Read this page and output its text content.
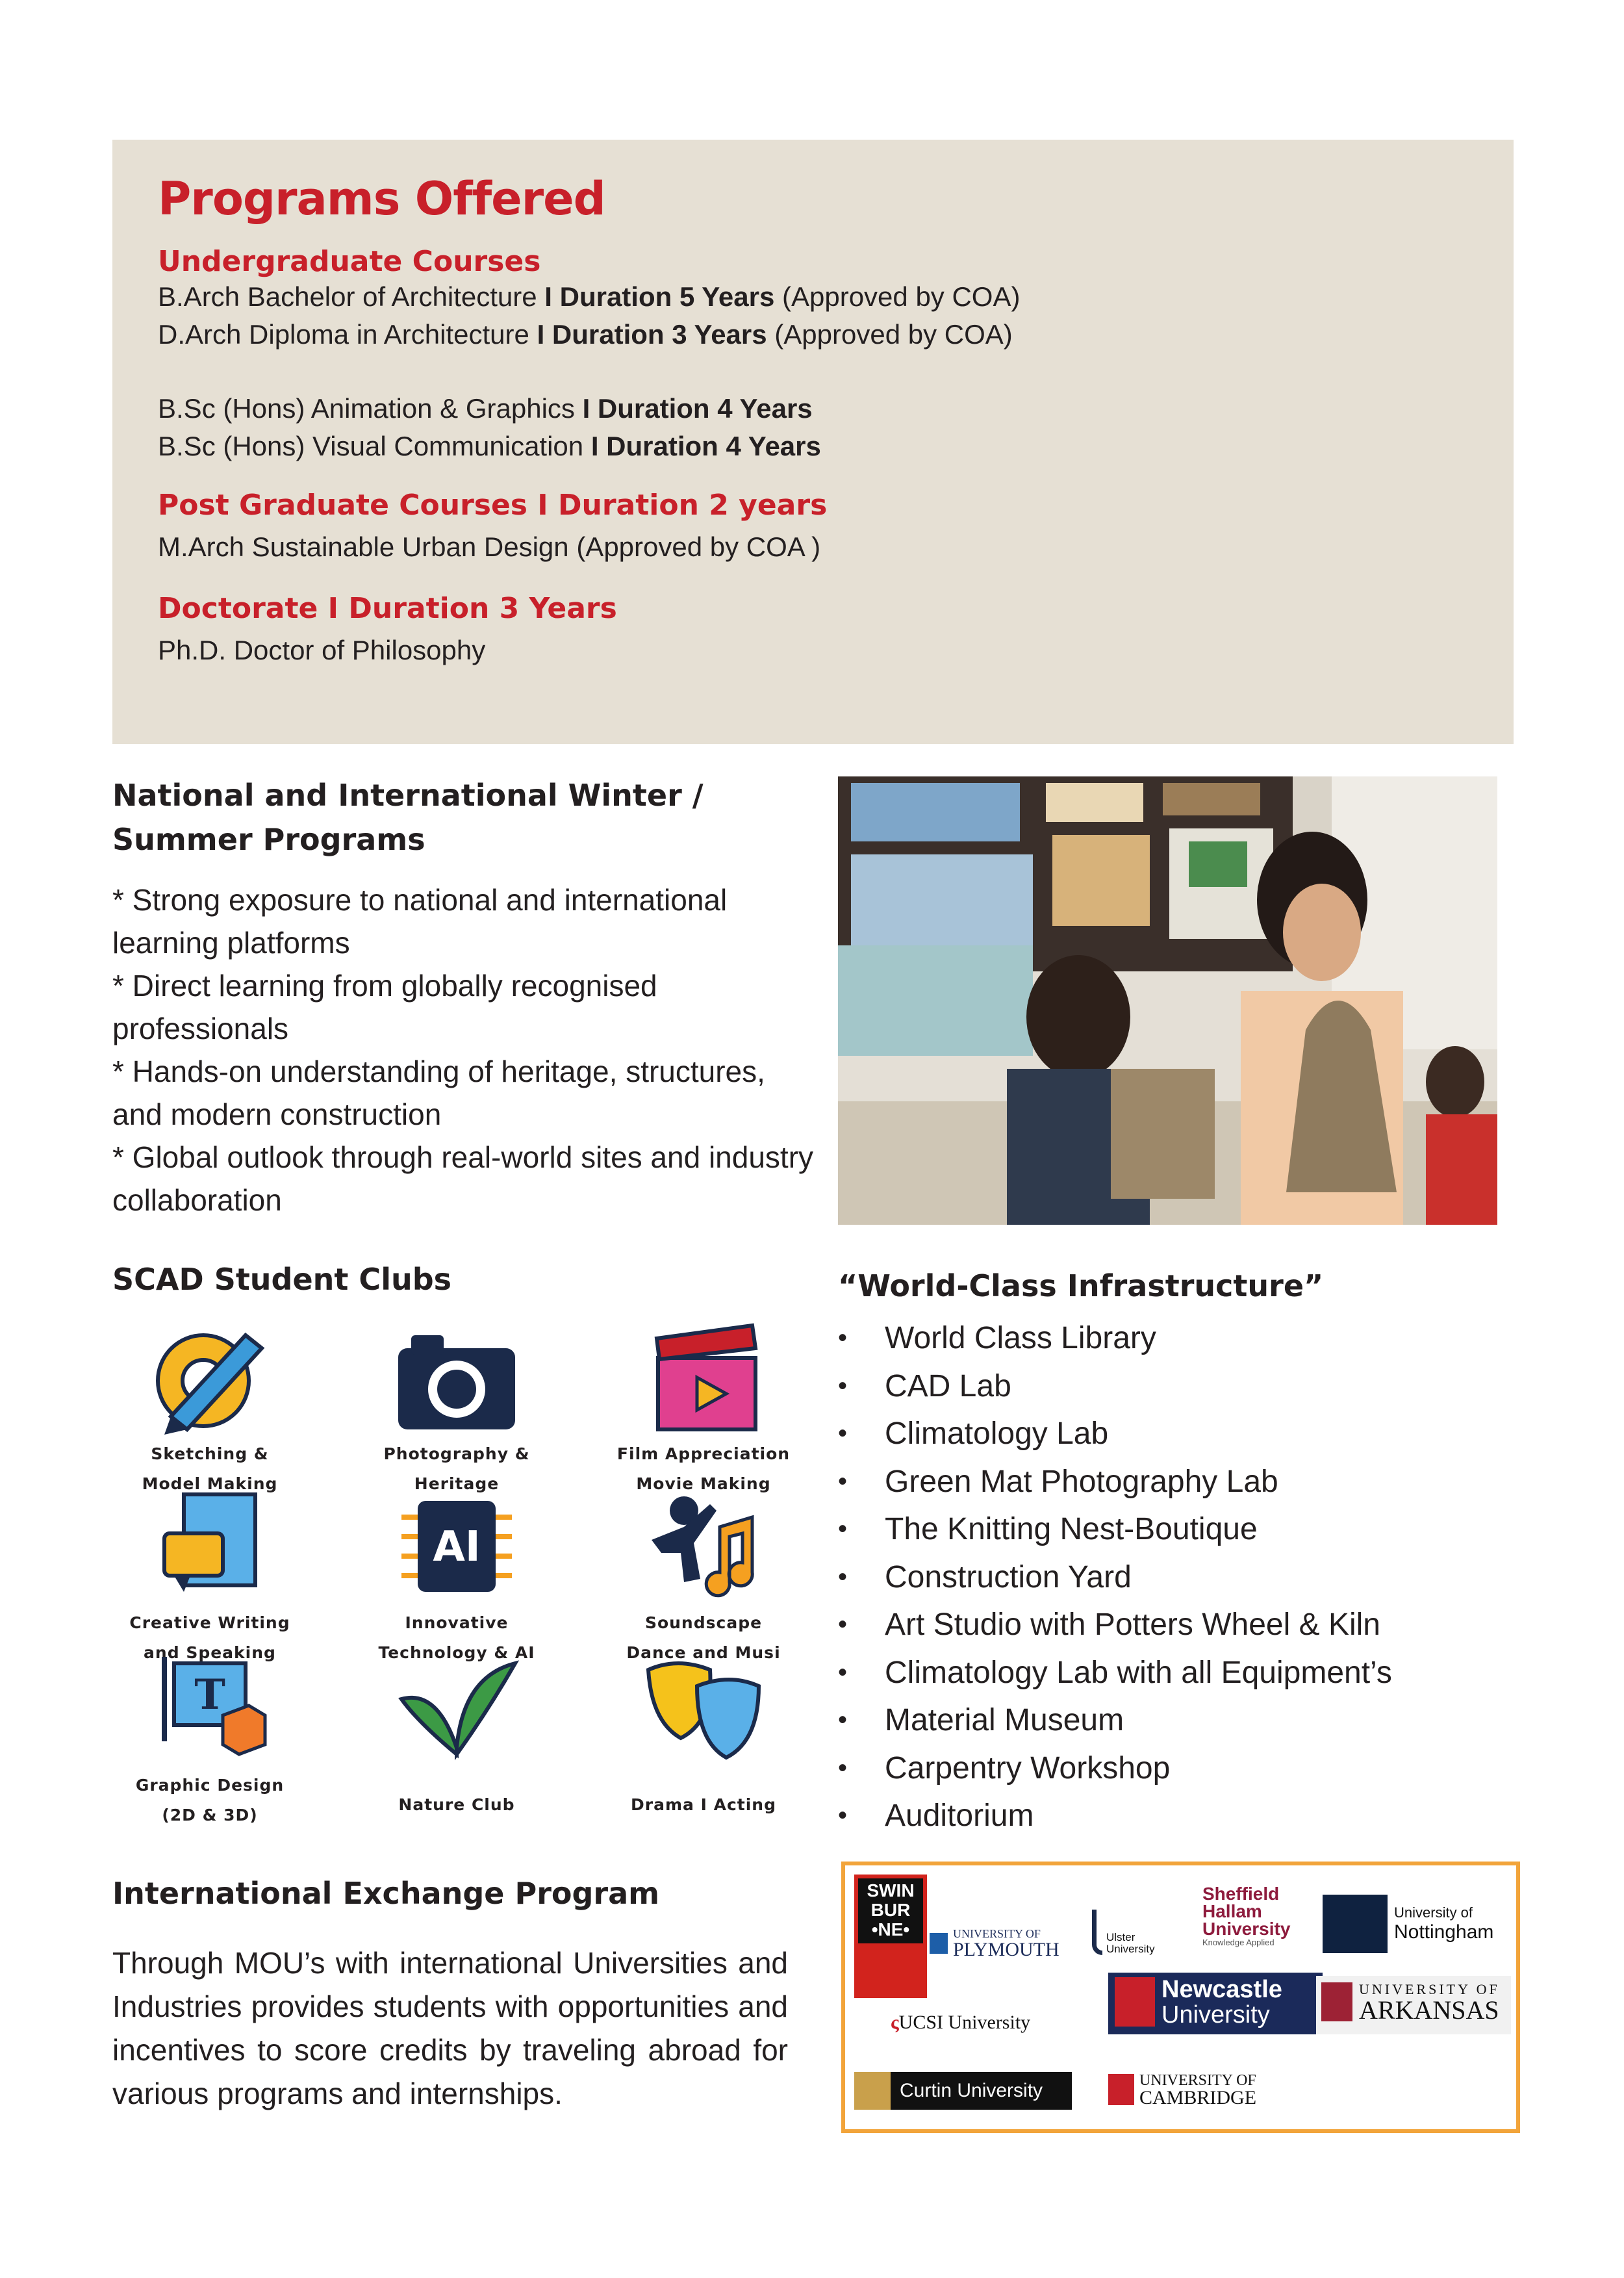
Programs Offered
Undergraduate Courses
B.Arch Bachelor of Architecture I Duration 5 Years (Approved by COA)
D.Arch Diploma in Architecture I Duration 3 Years (Approved by COA)
B.Sc (Hons) Animation & Graphics I Duration 4 Years
B.Sc (Hons) Visual Communication I Duration 4 Years
Post Graduate Courses I Duration 2 years
M.Arch Sustainable Urban Design (Approved by COA )
Doctorate I Duration 3 Years
Ph.D. Doctor of Philosophy
National and International Winter /
Summer Programs
* Strong exposure to national and international learning platforms
* Direct learning from globally recognised professionals
* Hands-on understanding of heritage, structures, and modern construction
* Global outlook through real-world sites and industry collaboration
SCAD Student Clubs
Sketching &
Model Making
Photography &
Heritage
Film Appreciation
Movie Making
Creative Writing
and Speaking
AI
Innovative
Technology & AI
Soundscape
Dance and Musi
T
Graphic Design
(2D & 3D)
Nature Club	Drama I Acting
“World-Class Infrastructure”
• World Class Library
• CAD Lab
• Climatology Lab
• Green Mat Photography Lab
• The Knitting Nest-Boutique
• Construction Yard
• Art Studio with Potters Wheel & Kiln
• Climatology Lab with all Equipment’s
• Material Museum
• Carpentry Workshop
• Auditorium
International Exchange Program
Through MOU’s with international Universities and Industries provides students with opportunities and incentives to score credits by traveling abroad for various programs and internships.
SWIN
BUR
•NE•	UNIVERSITY OF
PLYMOUTH
Ulster
University
Sheffield
Hallam
University
Knowledge Applied
University of
Nottingham
ςUCSI University
Newcastle
University
UNIVERSITY OF
ARKANSAS
Curtin University	UNIVERSITY OF
CAMBRIDGE
